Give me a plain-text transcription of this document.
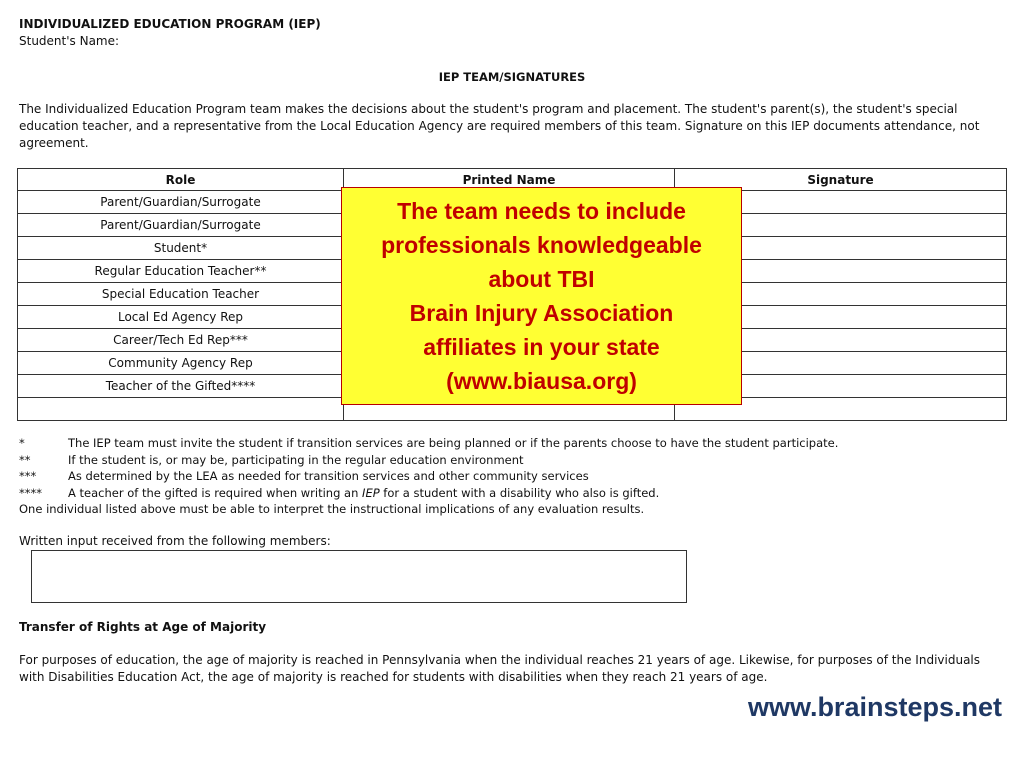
INDIVIDUALIZED EDUCATION PROGRAM (IEP)
Student's Name:
IEP TEAM/SIGNATURES
The Individualized Education Program team makes the decisions about the student's program and placement. The student's parent(s), the student's special education teacher, and a representative from the Local Education Agency are required members of this team. Signature on this IEP documents attendance, not agreement.
Role	Printed Name	Signature
Parent/Guardian/Surrogate		
Parent/Guardian/Surrogate		
Student*		
Regular Education Teacher**		
Special Education Teacher		
Local Ed Agency Rep		
Career/Tech Ed Rep***		
Community Agency Rep		
Teacher of the Gifted****		

The team needs to include
professionals knowledgeable
about TBI
Brain Injury Association
affiliates in your state
(www.biausa.org)
*	The IEP team must invite the student if transition services are being planned or if the parents choose to have the student participate.
**	If the student is, or may be, participating in the regular education environment
***	As determined by the LEA as needed for transition services and other community services
****	A teacher of the gifted is required when writing an IEP for a student with a disability who also is gifted.
One individual listed above must be able to interpret the instructional implications of any evaluation results.
Written input received from the following members:
Transfer of Rights at Age of Majority
For purposes of education, the age of majority is reached in Pennsylvania when the individual reaches 21 years of age. Likewise, for purposes of the Individuals with Disabilities Education Act, the age of majority is reached for students with disabilities when they reach 21 years of age.
www.brainsteps.net
